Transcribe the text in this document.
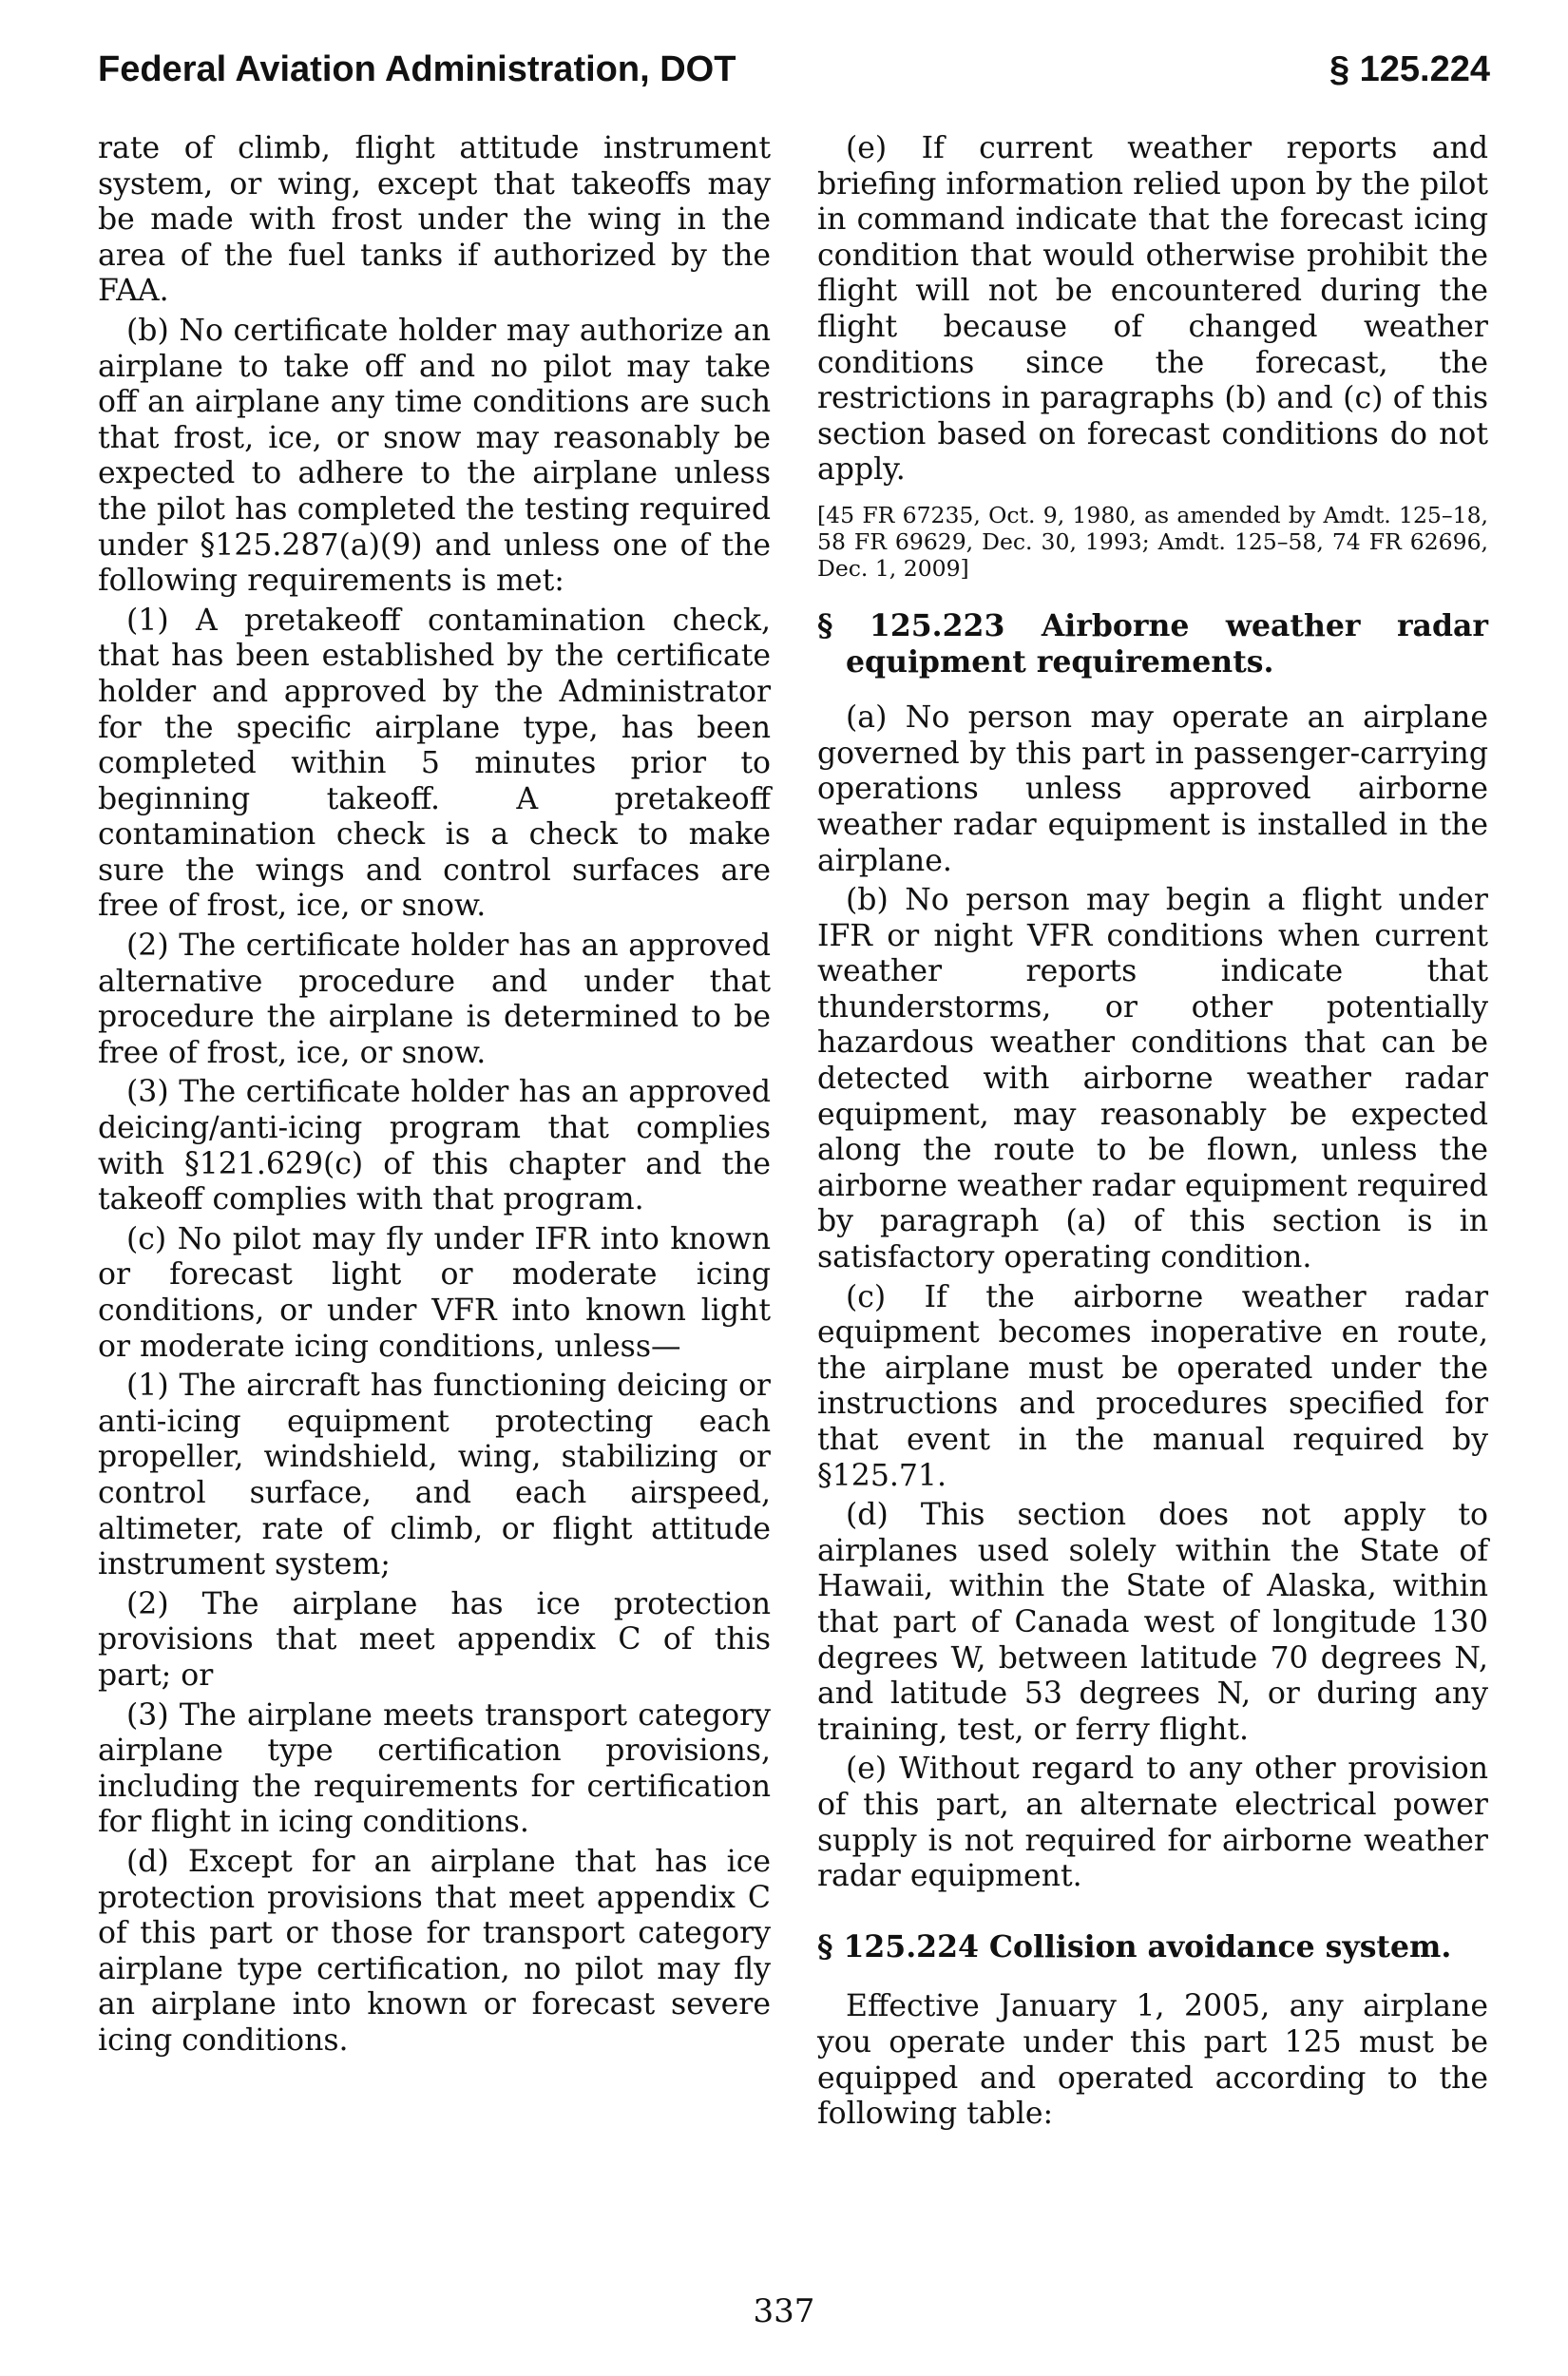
Federal Aviation Administration, DOT	§ 125.224

rate of climb, flight attitude instrument system, or wing, except that takeoffs may be made with frost under the wing in the area of the fuel tanks if authorized by the FAA.

(b) No certificate holder may authorize an airplane to take off and no pilot may take off an airplane any time conditions are such that frost, ice, or snow may reasonably be expected to adhere to the airplane unless the pilot has completed the testing required under §125.287(a)(9) and unless one of the following requirements is met:

(1) A pretakeoff contamination check, that has been established by the certificate holder and approved by the Administrator for the specific airplane type, has been completed within 5 minutes prior to beginning takeoff. A pretakeoff contamination check is a check to make sure the wings and control surfaces are free of frost, ice, or snow.

(2) The certificate holder has an approved alternative procedure and under that procedure the airplane is determined to be free of frost, ice, or snow.

(3) The certificate holder has an approved deicing/anti-icing program that complies with §121.629(c) of this chapter and the takeoff complies with that program.

(c) No pilot may fly under IFR into known or forecast light or moderate icing conditions, or under VFR into known light or moderate icing conditions, unless—

(1) The aircraft has functioning deicing or anti-icing equipment protecting each propeller, windshield, wing, stabilizing or control surface, and each airspeed, altimeter, rate of climb, or flight attitude instrument system;

(2) The airplane has ice protection provisions that meet appendix C of this part; or

(3) The airplane meets transport category airplane type certification provisions, including the requirements for certification for flight in icing conditions.

(d) Except for an airplane that has ice protection provisions that meet appendix C of this part or those for transport category airplane type certification, no pilot may fly an airplane into known or forecast severe icing conditions.

(e) If current weather reports and briefing information relied upon by the pilot in command indicate that the forecast icing condition that would otherwise prohibit the flight will not be encountered during the flight because of changed weather conditions since the forecast, the restrictions in paragraphs (b) and (c) of this section based on forecast conditions do not apply.

[45 FR 67235, Oct. 9, 1980, as amended by Amdt. 125–18, 58 FR 69629, Dec. 30, 1993; Amdt. 125–58, 74 FR 62696, Dec. 1, 2009]

§ 125.223 Airborne weather radar equipment requirements.

(a) No person may operate an airplane governed by this part in passenger-carrying operations unless approved airborne weather radar equipment is installed in the airplane.

(b) No person may begin a flight under IFR or night VFR conditions when current weather reports indicate that thunderstorms, or other potentially hazardous weather conditions that can be detected with airborne weather radar equipment, may reasonably be expected along the route to be flown, unless the airborne weather radar equipment required by paragraph (a) of this section is in satisfactory operating condition.

(c) If the airborne weather radar equipment becomes inoperative en route, the airplane must be operated under the instructions and procedures specified for that event in the manual required by §125.71.

(d) This section does not apply to airplanes used solely within the State of Hawaii, within the State of Alaska, within that part of Canada west of longitude 130 degrees W, between latitude 70 degrees N, and latitude 53 degrees N, or during any training, test, or ferry flight.

(e) Without regard to any other provision of this part, an alternate electrical power supply is not required for airborne weather radar equipment.

§ 125.224 Collision avoidance system.

Effective January 1, 2005, any airplane you operate under this part 125 must be equipped and operated according to the following table:

337
